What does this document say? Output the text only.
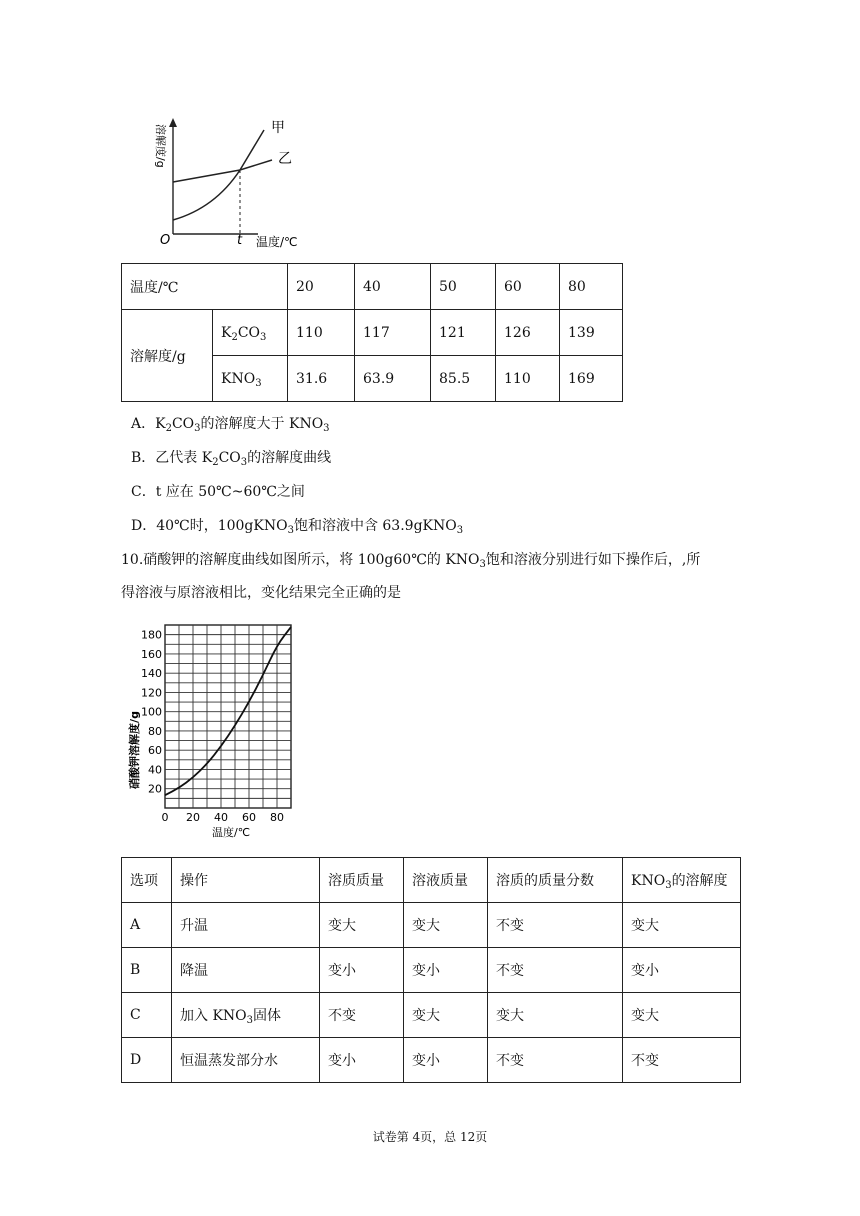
甲
乙
O	t 温度/℃
溶解度/g
温度/℃		20	40	50	60	80
溶解度/g	$K_2CO_3$	110	117	121	126	139
	$KNO_3$	31.6	63.9	85.5	110	169
A．$K_2CO_3$的溶解度大于 $KNO_3$
B．乙代表 $K_2CO_3$的溶解度曲线
C．t 应在 50℃~60℃之间
D．40℃时，100gKNO$_3$饱和溶液中含 63.9gKNO$_3$
10.硝酸钾的溶解度曲线如图所示，将 100g60℃的 $KNO_3$饱和溶液分别进行如下操作后，,所
得溶液与原溶液相比，变化结果完全正确的是
20
40
60
80
100
120
140
160
180
0 20 40 60 80
温度/℃
硝酸钾溶解度/g
选项	操作	溶质质量	溶液质量	溶质的质量分数	$KNO_3$的溶解度
A	升温	变大	变大	不变	变大
B	降温	变小	变小	不变	变小
C	加入 $KNO_3$固体	不变	变大	变大	变大
D	恒温蒸发部分水	变小	变小	不变	不变
试卷第 4页，总 12页
